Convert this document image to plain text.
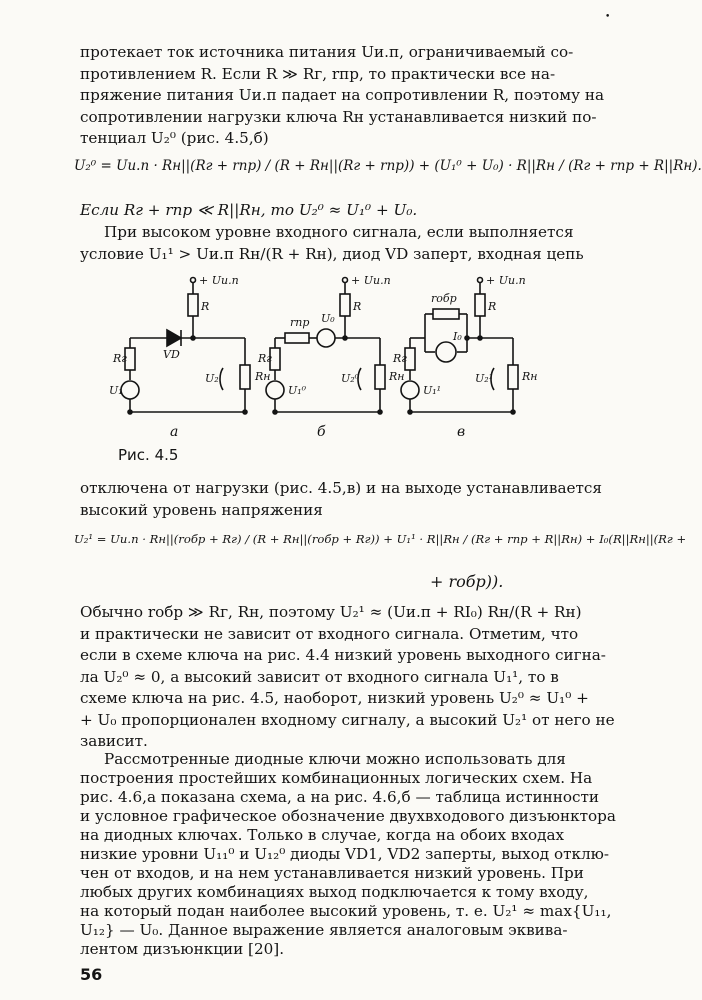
•
протекает ток источника питания Uи.п, ограничиваемый со-
противлением R. Если R ≫ Rг, rпр, то практически все на-
пряжение питания Uи.п падает на сопротивлении R, поэтому на
сопротивлении нагрузки ключа Rн устанавливается низкий по-
тенциал U₂⁰ (рис. 4.5,б)
U₂⁰ = Uи.п · Rн||(Rг + rпр) / (R + Rн||(Rг + rпр)) + (U₁⁰ + U₀) · R||Rн / (Rг + rпр + R||Rн).
Если Rг + rпр ≪ R||Rн, то U₂⁰ ≈ U₁⁰ + U₀.
При высоком уровне входного сигнала, если выполняется
условие U₁¹ > Uи.п Rн/(R + Rн), диод VD заперт, входная цепь
+ Uи.п
R
VD
Rг
U₁
Rн
U₂
а
rпр U₀
+ Uи.п
R
Rг
U₁⁰
Rн
U₂⁰
б
rобр
I₀
+ Uи.п
R
Rг
U₁¹
Rн
U₂¹
в
Рис. 4.5
отключена от нагрузки (рис. 4.5,в) и на выходе устанавливается
высокий уровень напряжения
U₂¹ = Uи.п · Rн||(rобр + Rг) / (R + Rн||(rобр + Rг)) + U₁¹ · R||Rн / (Rг + rпр + R||Rн) + I₀(R||Rн||(Rг +
+ rобр)).
Обычно rобр ≫ Rг, Rн, поэтому U₂¹ ≈ (Uи.п + RI₀) Rн/(R + Rн)
и практически не зависит от входного сигнала. Отметим, что
если в схеме ключа на рис. 4.4 низкий уровень выходного сигна-
ла U₂⁰ ≈ 0, а высокий зависит от входного сигнала U₁¹, то в
схеме ключа на рис. 4.5, наоборот, низкий уровень U₂⁰ ≈ U₁⁰ +
+ U₀ пропорционален входному сигналу, а высокий U₂¹ от него не
зависит.
Рассмотренные диодные ключи можно использовать для
построения простейших комбинационных логических схем. На
рис. 4.6,а показана схема, а на рис. 4.6,б — таблица истинности
и условное графическое обозначение двухвходового дизъюнктора
на диодных ключах. Только в случае, когда на обоих входах
низкие уровни U₁₁⁰ и U₁₂⁰ диоды VD1, VD2 заперты, выход отклю-
чен от входов, и на нем устанавливается низкий уровень. При
любых других комбинациях выход подключается к тому входу,
на который подан наиболее высокий уровень, т. е. U₂¹ ≈ max{U₁₁,
U₁₂} — U₀. Данное выражение является аналоговым эквива-
лентом дизъюнкции [20].
56
